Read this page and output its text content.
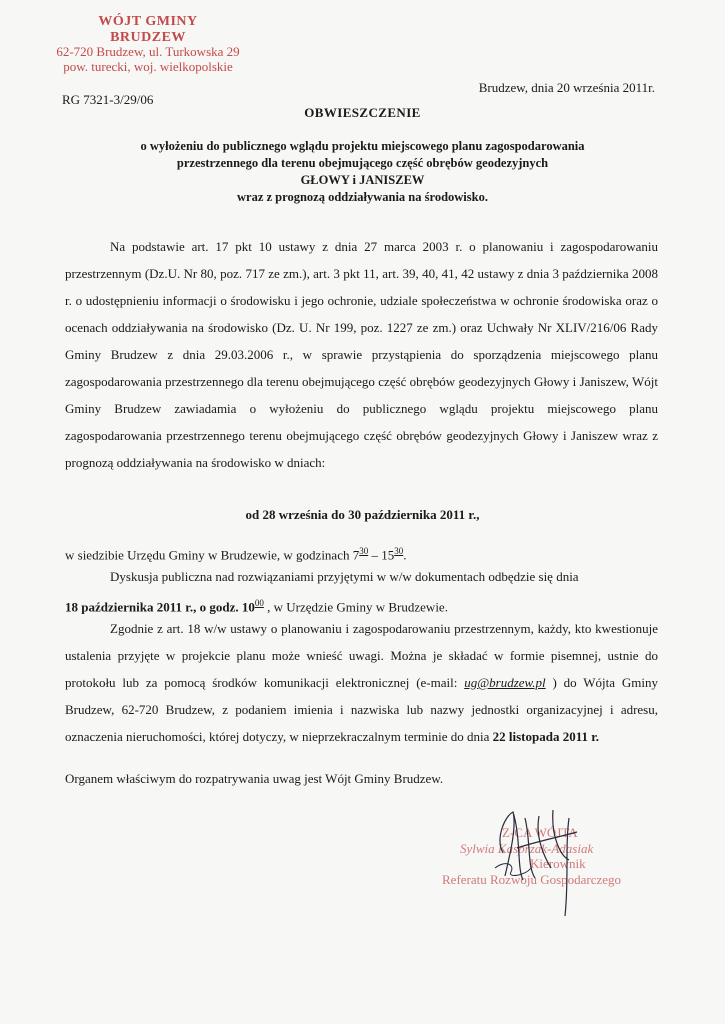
WÓJT GMINY
BRUDZEW
62-720 Brudzew, ul. Turkowska 29
pow. turecki, woj. wielkopolskie
RG 7321-3/29/06
Brudzew, dnia 20 września 2011r.
OBWIESZCZENIE
o wyłożeniu do publicznego wglądu projektu miejscowego planu zagospodarowania
przestrzennego dla terenu obejmującego część obrębów geodezyjnych
GŁOWY i JANISZEW
wraz z prognozą oddziaływania na środowisko.
Na podstawie art. 17 pkt 10 ustawy z dnia 27 marca 2003 r. o planowaniu i zagospodarowaniu przestrzennym (Dz.U. Nr 80, poz. 717 ze zm.), art. 3 pkt 11, art. 39, 40, 41, 42 ustawy z dnia 3 października 2008 r. o udostępnieniu informacji o środowisku i jego ochronie, udziale społeczeństwa w ochronie środowiska oraz o ocenach oddziaływania na środowisko (Dz. U. Nr 199, poz. 1227 ze zm.) oraz Uchwały Nr XLIV/216/06 Rady Gminy Brudzew z dnia 29.03.2006 r., w sprawie przystąpienia do sporządzenia miejscowego planu zagospodarowania przestrzennego dla terenu obejmującego część obrębów geodezyjnych Głowy i Janiszew, Wójt Gminy Brudzew zawiadamia o wyłożeniu do publicznego wglądu projektu miejscowego planu zagospodarowania przestrzennego terenu obejmującego część obrębów geodezyjnych Głowy i Janiszew wraz z prognozą oddziaływania na środowisko w dniach:
od 28 września do 30 października 2011 r.,
w siedzibie Urzędu Gminy w Brudzewie, w godzinach $7^{30} - 15^{30}$.
Dyskusja publiczna nad rozwiązaniami przyjętymi w w/w dokumentach odbędzie się dnia
18 października 2011 r., o godz. $10^{00}$ , w Urzędzie Gminy w Brudzewie.
Zgodnie z art. 18 w/w ustawy o planowaniu i zagospodarowaniu przestrzennym, każdy, kto kwestionuje ustalenia przyjęte w projekcie planu może wnieść uwagi. Można je składać w formie pisemnej, ustnie do protokołu lub za pomocą środków komunikacji elektronicznej (e-mail: ug@brudzew.pl ) do Wójta Gminy Brudzew, 62-720 Brudzew, z podaniem imienia i nazwiska lub nazwy jednostki organizacyjnej i adresu, oznaczenia nieruchomości, której dotyczy, w nieprzekraczalnym terminie do dnia 22 listopada 2011 r.
Organem właściwym do rozpatrywania uwag jest Wójt Gminy Brudzew.
Z-CA WÓJTA
Sylwia Kasprzak-Adasiak
Kierownik
Referatu Rozwoju Gospodarczego
